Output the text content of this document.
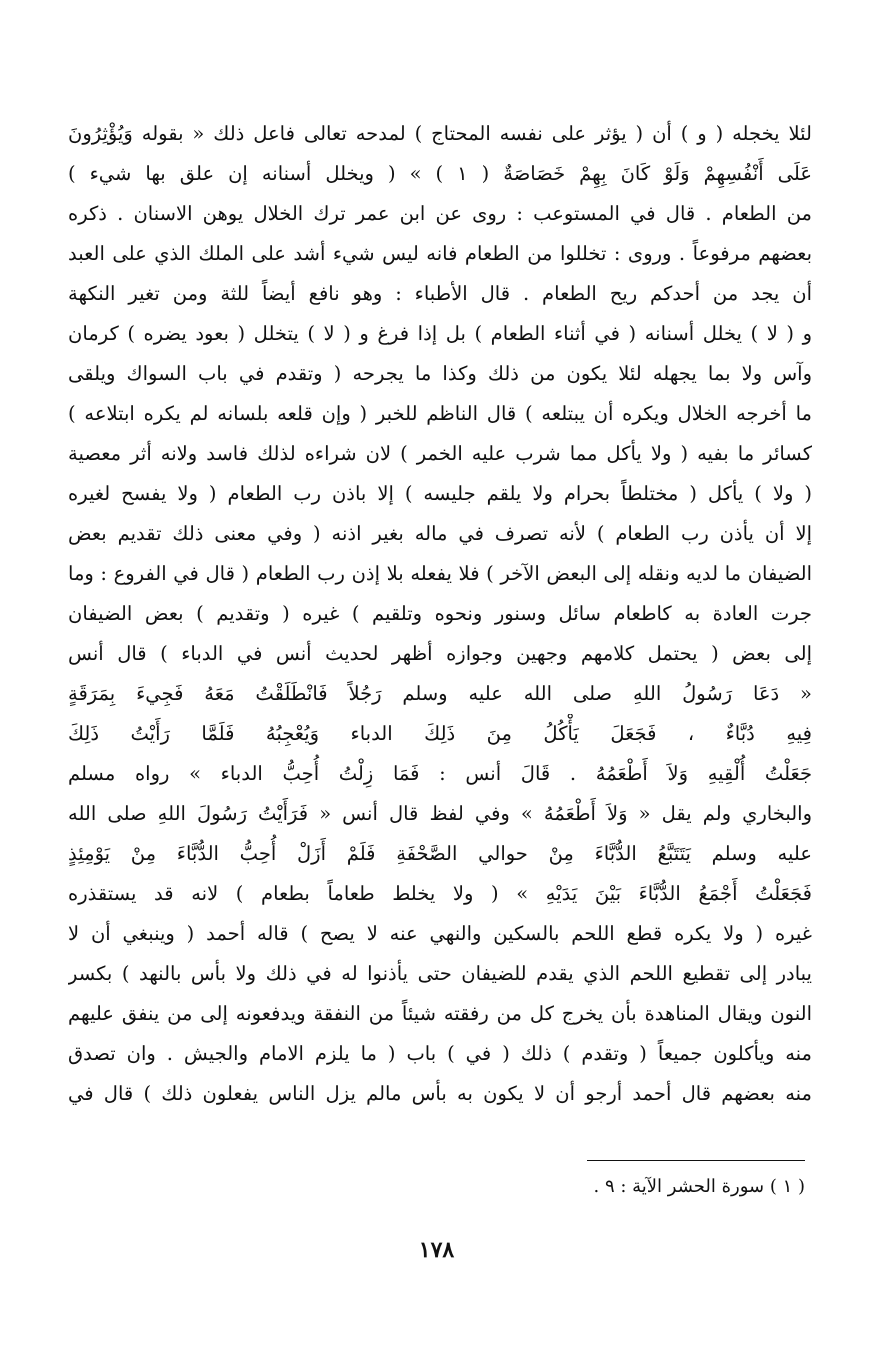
لئلا يخجله ( و ) أن ( يؤثر على نفسه المحتاج ) لمدحه تعالى فاعل ذلك « بقوله وَيُؤْثِرُونَ
عَلَى أَنْفُسِهِمْ وَلَوْ كَانَ بِهِمْ خَصَاصَةٌ ( ١ ) » ( ويخلل أسنانه إن علق بها شيء )
من الطعام . قال في المستوعب : روى عن ابن عمر ترك الخلال يوهن الاسنان . ذكره
بعضهم مرفوعاً . وروى : تخللوا من الطعام فانه ليس شيء أشد على الملك الذي على العبد
أن يجد من أحدكم ريح الطعام . قال الأطباء : وهو نافع أيضاً للثة ومن تغير النكهة
و ( لا ) يخلل أسنانه ( في أثناء الطعام ) بل إذا فرغ و ( لا ) يتخلل ( بعود يضره ) كرمان
وآس ولا بما يجهله لئلا يكون من ذلك وكذا ما يجرحه ( وتقدم في باب السواك ويلقى
ما أخرجه الخلال ويكره أن يبتلعه ) قال الناظم للخبر ( وإن قلعه بلسانه لم يكره ابتلاعه )
كسائر ما بفيه ( ولا يأكل مما شرب عليه الخمر ) لان شراءه لذلك فاسد ولانه أثر معصية
( ولا ) يأكل ( مختلطاً بحرام ولا يلقم جليسه ) إلا باذن رب الطعام ( ولا يفسح لغيره
إلا أن يأذن رب الطعام ) لأنه تصرف في ماله بغير اذنه ( وفي معنى ذلك تقديم بعض
الضيفان ما لديه ونقله إلى البعض الآخر ) فلا يفعله بلا إذن رب الطعام ( قال في الفروع : وما
جرت العادة به كاطعام سائل وسنور ونحوه وتلقيم ) غيره ( وتقديم ) بعض الضيفان
إلى بعض ( يحتمل كلامهم وجهين وجوازه أظهر لحديث أنس في الدباء ) قال أنس
« دَعَا رَسُولُ اللهِ صلى الله عليه وسلم رَجُلاً فَانْطَلَقْتُ مَعَهُ فَجِيءَ بِمَرَقَةٍ
فِيهِ دُبَّاءٌ ، فَجَعَلَ يَأْكُلُ مِنَ ذَلِكَ الدباء وَيُعْجِبُهُ فَلَمَّا رَأَيْتُ ذَلِكَ
جَعَلْتُ أُلْقِيهِ وَلاَ أَطْعَمُهُ . قَالَ أنس : فَمَا زِلْتُ أُحِبُّ الدباء » رواه مسلم
والبخاري ولم يقل « وَلاَ أَطْعَمُهُ » وفي لفظ قال أنس « فَرَأَيْتُ رَسُولَ اللهِ صلى الله
عليه وسلم يَتَتَبَّعُ الدُّبَّاءَ مِنْ حوالي الصَّحْفَةِ فَلَمْ أَزَلْ أُحِبُّ الدُّبَّاءَ مِنْ يَوْمِئِذٍ
فَجَعَلْتُ أَجْمَعُ الدُّبَّاءَ بَيْنَ يَدَيْهِ » ( ولا يخلط طعاماً بطعام ) لانه قد يستقذره
غيره ( ولا يكره قطع اللحم بالسكين والنهي عنه لا يصح ) قاله أحمد ( وينبغي أن لا
يبادر إلى تقطيع اللحم الذي يقدم للضيفان حتى يأذنوا له في ذلك ولا بأس بالنهد ) بكسر
النون ويقال المناهدة بأن يخرج كل من رفقته شيئاً من النفقة ويدفعونه إلى من ينفق عليهم
منه ويأكلون جميعاً ( وتقدم ) ذلك ( في ) باب ( ما يلزم الامام والجيش . وان تصدق
منه بعضهم قال أحمد أرجو أن لا يكون به بأس مالم يزل الناس يفعلون ذلك ) قال في
( ١ ) سورة الحشر الآية : ٩ .
١٧٨
